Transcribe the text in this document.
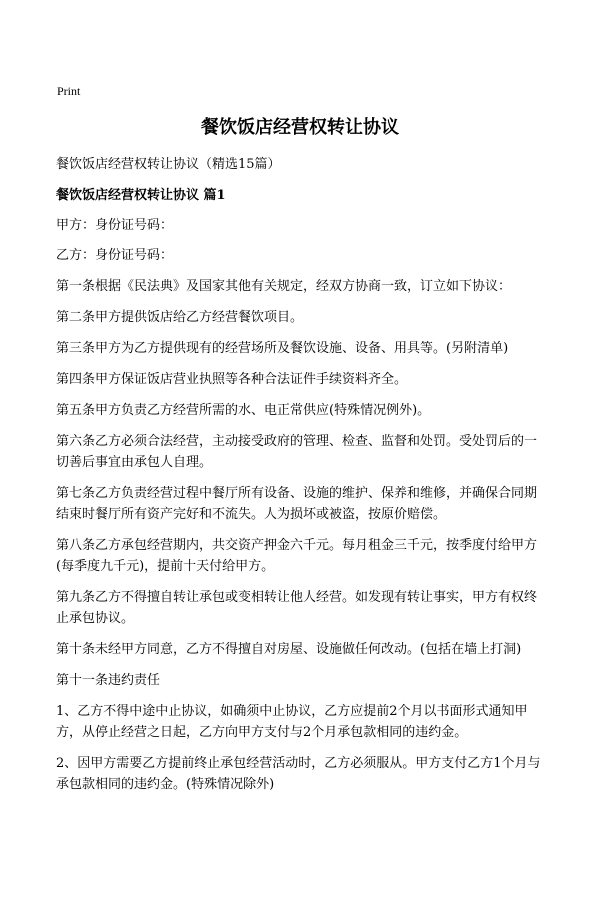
Print
餐饮饭店经营权转让协议

餐饮饭店经营权转让协议（精选15篇）

餐饮饭店经营权转让协议 篇1

甲方：身份证号码：

乙方：身份证号码：

第一条根据《民法典》及国家其他有关规定，经双方协商一致，订立如下协议：

第二条甲方提供饭店给乙方经营餐饮项目。

第三条甲方为乙方提供现有的经营场所及餐饮设施、设备、用具等。(另附清单)

第四条甲方保证饭店营业执照等各种合法证件手续资料齐全。

第五条甲方负责乙方经营所需的水、电正常供应(特殊情况例外)。

第六条乙方必须合法经营，主动接受政府的管理、检查、监督和处罚。受处罚后的一切善后事宜由承包人自理。

第七条乙方负责经营过程中餐厅所有设备、设施的维护、保养和维修，并确保合同期结束时餐厅所有资产完好和不流失。人为损坏或被盗，按原价赔偿。

第八条乙方承包经营期内，共交资产押金六千元。每月租金三千元，按季度付给甲方(每季度九千元)，提前十天付给甲方。

第九条乙方不得擅自转让承包或变相转让他人经营。如发现有转让事实，甲方有权终止承包协议。

第十条未经甲方同意，乙方不得擅自对房屋、设施做任何改动。(包括在墙上打洞)

第十一条违约责任

1、乙方不得中途中止协议，如确须中止协议，乙方应提前2个月以书面形式通知甲方，从停止经营之日起，乙方向甲方支付与2个月承包款相同的违约金。

2、因甲方需要乙方提前终止承包经营活动时，乙方必须服从。甲方支付乙方1个月与承包款相同的违约金。(特殊情况除外)
